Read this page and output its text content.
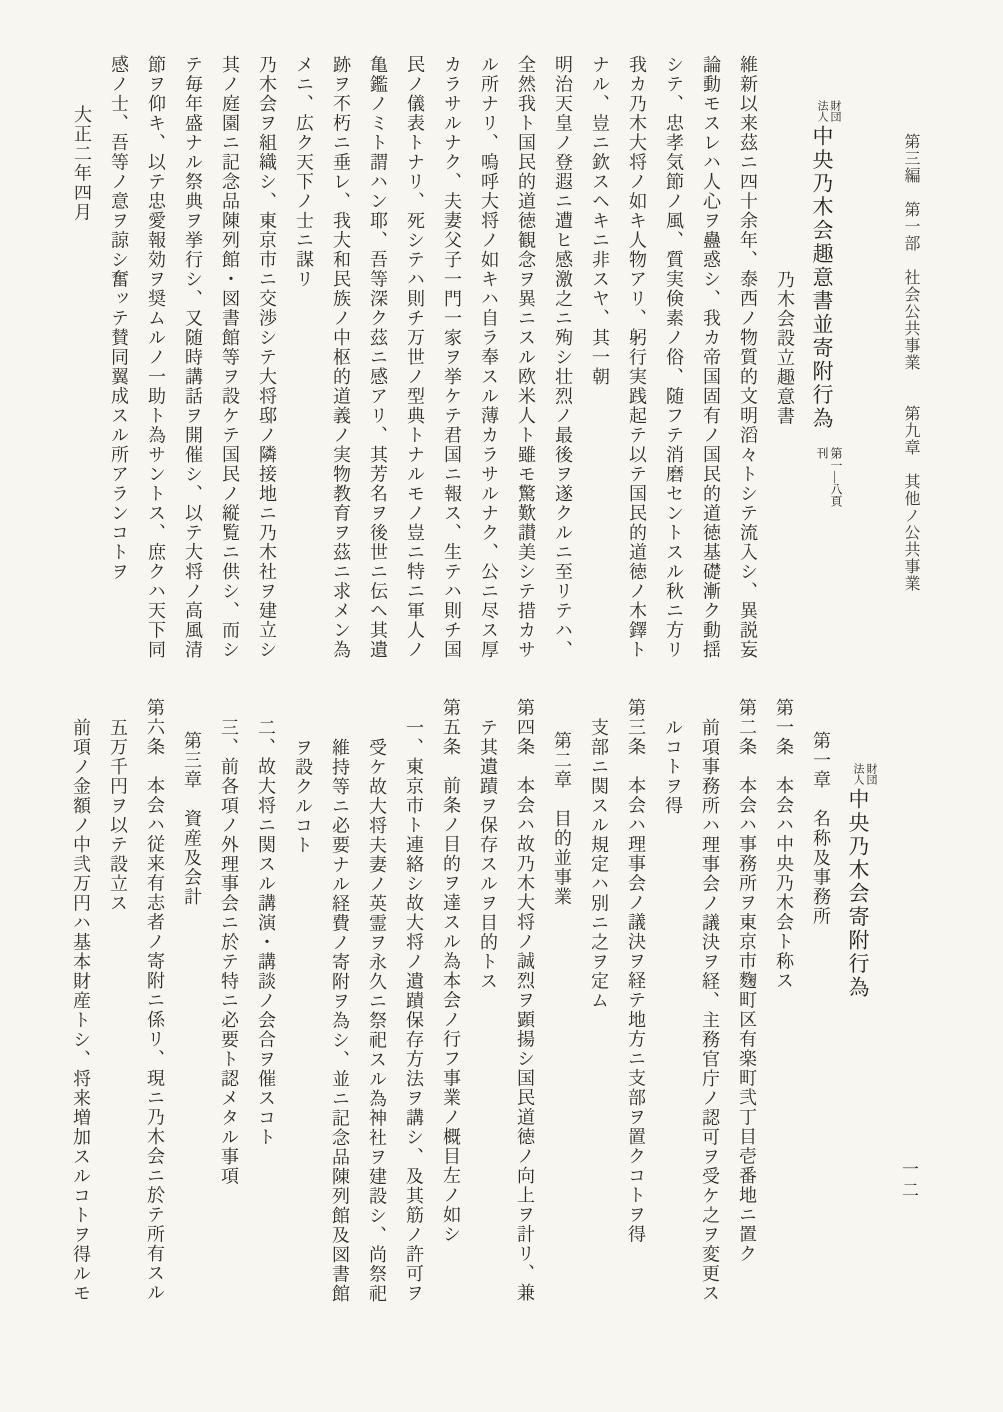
第三編　第一部　社会公共事業　　第九章　其他ノ公共事業
一二
財団
法人
中央乃木会趣意書並寄附行為
第一—八頁
刊
乃木会設立趣意書
維新以来茲ニ四十余年、泰西ノ物質的文明滔々トシテ流入シ、異説妄
論動モスレハ人心ヲ蠱惑シ、我カ帝国固有ノ国民的道徳基礎漸ク動揺
シテ、忠孝気節ノ風、質実倹素ノ俗、随フテ消磨セントスル秋ニ方リ
我カ乃木大将ノ如キ人物アリ、躬行実践起テ以テ国民的道徳ノ木鐸ト
ナル、豈ニ欽スヘキニ非スヤ、其一朝
明治天皇ノ登遐ニ遭ヒ感激之ニ殉シ壮烈ノ最後ヲ遂クルニ至リテハ、
全然我ト国民的道徳観念ヲ異ニスル欧米人ト雖モ驚歎讃美シテ措カサ
ル所ナリ、嗚呼大将ノ如キハ自ラ奉スル薄カラサルナク、公ニ尽ス厚
カラサルナク、夫妻父子一門一家ヲ挙ケテ君国ニ報ス、生テハ則チ国
民ノ儀表トナリ、死シテハ則チ万世ノ型典トナルモノ豈ニ特ニ軍人ノ
亀鑑ノミト謂ハン耶、吾等深ク茲ニ感アリ、其芳名ヲ後世ニ伝ヘ其遺
跡ヲ不朽ニ垂レ、我大和民族ノ中枢的道義ノ実物教育ヲ茲ニ求メン為
メニ、広ク天下ノ士ニ謀リ
乃木会ヲ組織シ、東京市ニ交渉シテ大将邸ノ隣接地ニ乃木社ヲ建立シ
其ノ庭園ニ記念品陳列館・図書館等ヲ設ケテ国民ノ縦覧ニ供シ、而シ
テ毎年盛ナル祭典ヲ挙行シ、又随時講話ヲ開催シ、以テ大将ノ高風清
節ヲ仰キ、以テ忠愛報効ヲ奨ムルノ一助ト為サントス、庶クハ天下同
感ノ士、吾等ノ意ヲ諒シ奮ッテ賛同翼成スル所アランコトヲ
大正二年四月
財団
法人
中央乃木会寄附行為
第一章　名称及事務所
第一条　本会ハ中央乃木会ト称ス
第二条　本会ハ事務所ヲ東京市麴町区有楽町弐丁目壱番地ニ置ク
前項事務所ハ理事会ノ議決ヲ経、主務官庁ノ認可ヲ受ケ之ヲ変更ス
ルコトヲ得
第三条　本会ハ理事会ノ議決ヲ経テ地方ニ支部ヲ置クコトヲ得
支部ニ関スル規定ハ別ニ之ヲ定ム
第二章　目的並事業
第四条　本会ハ故乃木大将ノ誠烈ヲ顕揚シ国民道徳ノ向上ヲ計リ、兼
テ其遺蹟ヲ保存スルヲ目的トス
第五条　前条ノ目的ヲ達スル為本会ノ行フ事業ノ概目左ノ如シ
一、東京市ト連絡シ故大将ノ遺蹟保存方法ヲ講シ、及其筋ノ許可ヲ
受ケ故大将夫妻ノ英霊ヲ永久ニ祭祀スル為神社ヲ建設シ、尚祭祀
維持等ニ必要ナル経費ノ寄附ヲ為シ、並ニ記念品陳列館及図書館
ヲ設クルコト
二、故大将ニ関スル講演・講談ノ会合ヲ催スコト
三、前各項ノ外理事会ニ於テ特ニ必要ト認メタル事項
第三章　資産及会計
第六条　本会ハ従来有志者ノ寄附ニ係リ、現ニ乃木会ニ於テ所有スル
五万千円ヲ以テ設立ス
前項ノ金額ノ中弐万円ハ基本財産トシ、将来増加スルコトヲ得ルモ
